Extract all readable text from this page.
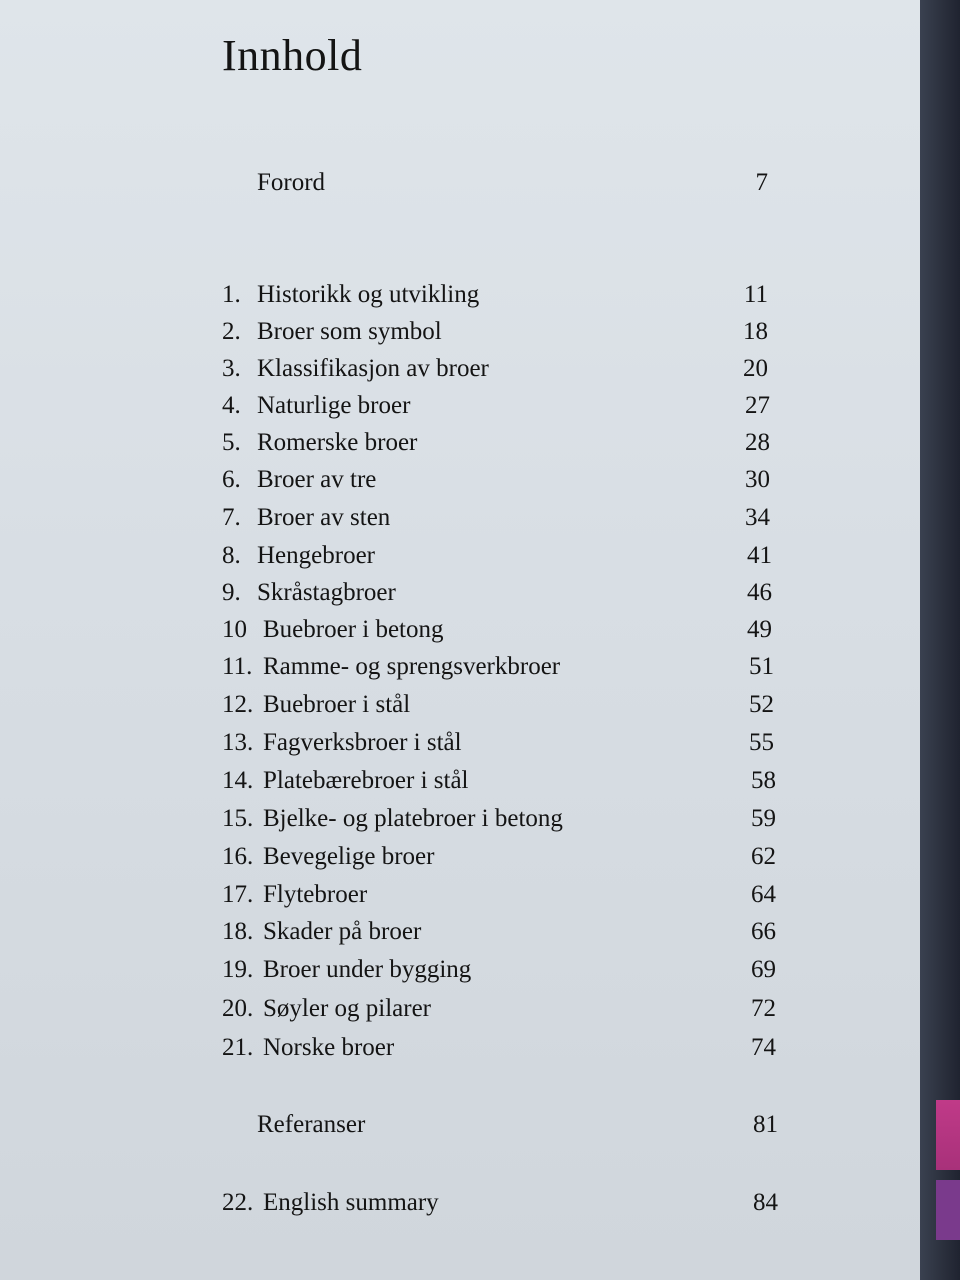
Innhold
Forord	7
1. Historikk og utvikling	11
2. Broer som symbol	18
3. Klassifikasjon av broer	20
4. Naturlige broer	27
5. Romerske broer	28
6. Broer av tre	30
7. Broer av sten	34
8. Hengebroer	41
9. Skråstagbroer	46
10 Buebroer i betong	49
11. Ramme- og sprengsverkbroer	51
12. Buebroer i stål	52
13. Fagverksbroer i stål	55
14. Platebærebroer i stål	58
15. Bjelke- og platebroer i betong	59
16. Bevegelige broer	62
17. Flytebroer	64
18. Skader på broer	66
19. Broer under bygging	69
20. Søyler og pilarer	72
21. Norske broer	74
Referanser	81
22. English summary	84
